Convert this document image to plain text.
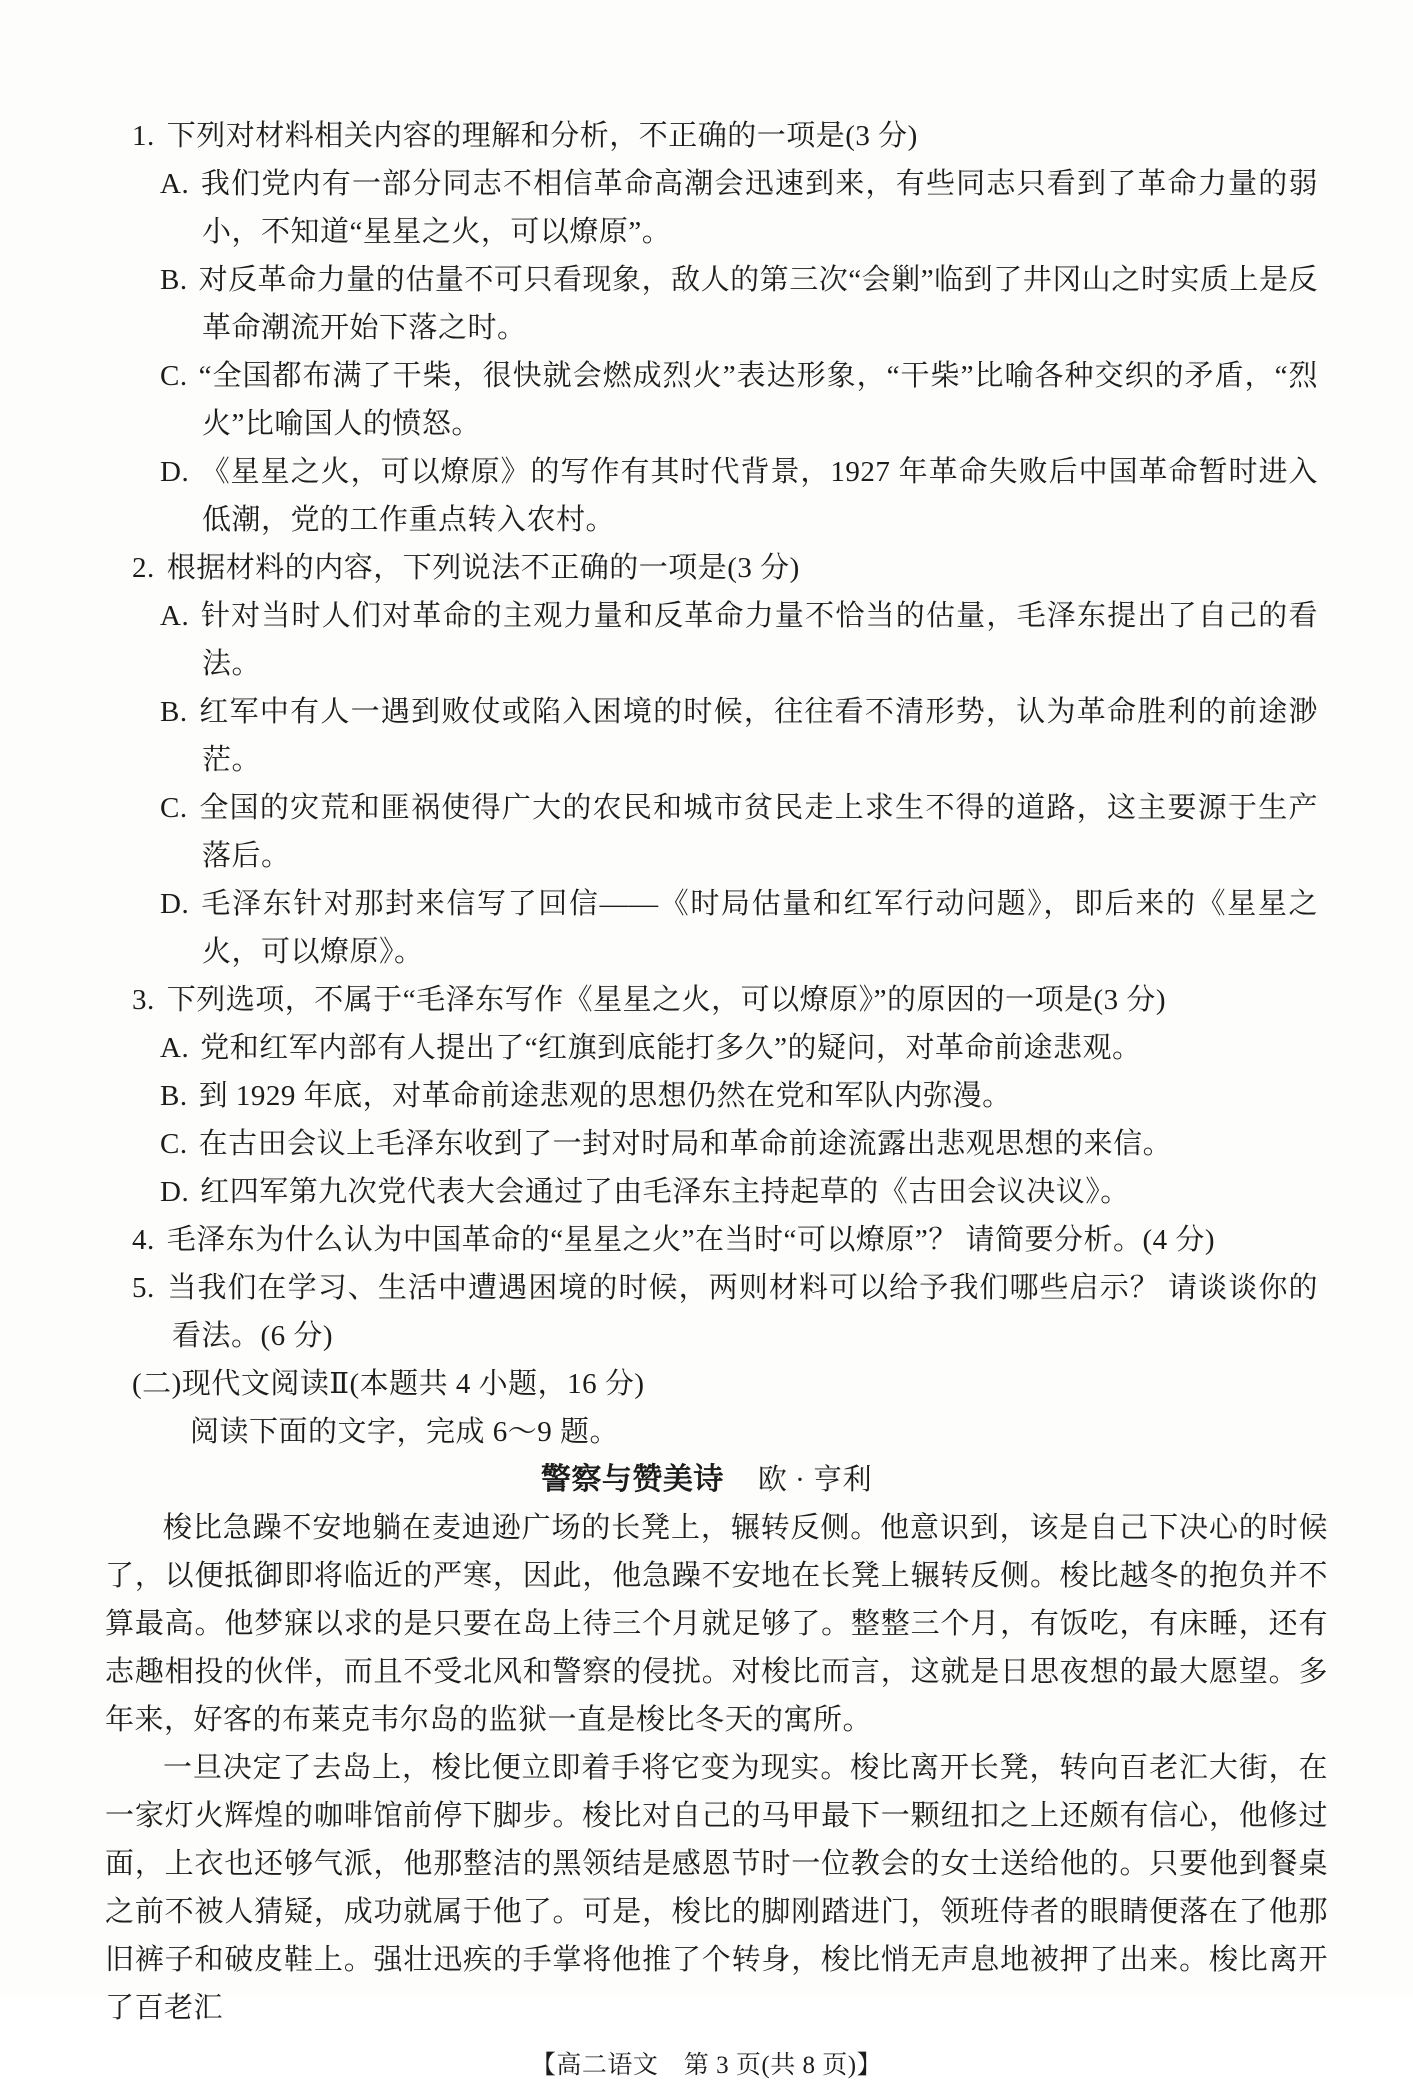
1. 下列对材料相关内容的理解和分析，不正确的一项是(3 分)

A. 我们党内有一部分同志不相信革命高潮会迅速到来，有些同志只看到了革命力量的弱小，不知道“星星之火，可以燎原”。

B. 对反革命力量的估量不可只看现象，敌人的第三次“会剿”临到了井冈山之时实质上是反革命潮流开始下落之时。

C. “全国都布满了干柴，很快就会燃成烈火”表达形象，“干柴”比喻各种交织的矛盾，“烈火”比喻国人的愤怒。

D. 《星星之火，可以燎原》的写作有其时代背景，1927 年革命失败后中国革命暂时进入低潮，党的工作重点转入农村。

2. 根据材料的内容，下列说法不正确的一项是(3 分)

A. 针对当时人们对革命的主观力量和反革命力量不恰当的估量，毛泽东提出了自己的看法。

B. 红军中有人一遇到败仗或陷入困境的时候，往往看不清形势，认为革命胜利的前途渺茫。

C. 全国的灾荒和匪祸使得广大的农民和城市贫民走上求生不得的道路，这主要源于生产落后。

D. 毛泽东针对那封来信写了回信——《时局估量和红军行动问题》，即后来的《星星之火，可以燎原》。

3. 下列选项，不属于“毛泽东写作《星星之火，可以燎原》”的原因的一项是(3 分)

A. 党和红军内部有人提出了“红旗到底能打多久”的疑问，对革命前途悲观。

B. 到 1929 年底，对革命前途悲观的思想仍然在党和军队内弥漫。

C. 在古田会议上毛泽东收到了一封对时局和革命前途流露出悲观思想的来信。

D. 红四军第九次党代表大会通过了由毛泽东主持起草的《古田会议决议》。

4. 毛泽东为什么认为中国革命的“星星之火”在当时“可以燎原”？ 请简要分析。(4 分)

5. 当我们在学习、生活中遭遇困境的时候，两则材料可以给予我们哪些启示？ 请谈谈你的看法。(6 分)

(二)现代文阅读Ⅱ(本题共 4 小题，16 分)

阅读下面的文字，完成 6～9 题。

警察与赞美诗 欧 · 亨利

梭比急躁不安地躺在麦迪逊广场的长凳上，辗转反侧。他意识到，该是自己下决心的时候了，以便抵御即将临近的严寒，因此，他急躁不安地在长凳上辗转反侧。梭比越冬的抱负并不算最高。他梦寐以求的是只要在岛上待三个月就足够了。整整三个月，有饭吃，有床睡，还有志趣相投的伙伴，而且不受北风和警察的侵扰。对梭比而言，这就是日思夜想的最大愿望。多年来，好客的布莱克韦尔岛的监狱一直是梭比冬天的寓所。

一旦决定了去岛上，梭比便立即着手将它变为现实。梭比离开长凳，转向百老汇大街，在一家灯火辉煌的咖啡馆前停下脚步。梭比对自己的马甲最下一颗纽扣之上还颇有信心，他修过面，上衣也还够气派，他那整洁的黑领结是感恩节时一位教会的女士送给他的。只要他到餐桌之前不被人猜疑，成功就属于他了。可是，梭比的脚刚踏进门，领班侍者的眼睛便落在了他那旧裤子和破皮鞋上。强壮迅疾的手掌将他推了个转身，梭比悄无声息地被押了出来。梭比离开了百老汇

【高二语文　第 3 页(共 8 页)】
